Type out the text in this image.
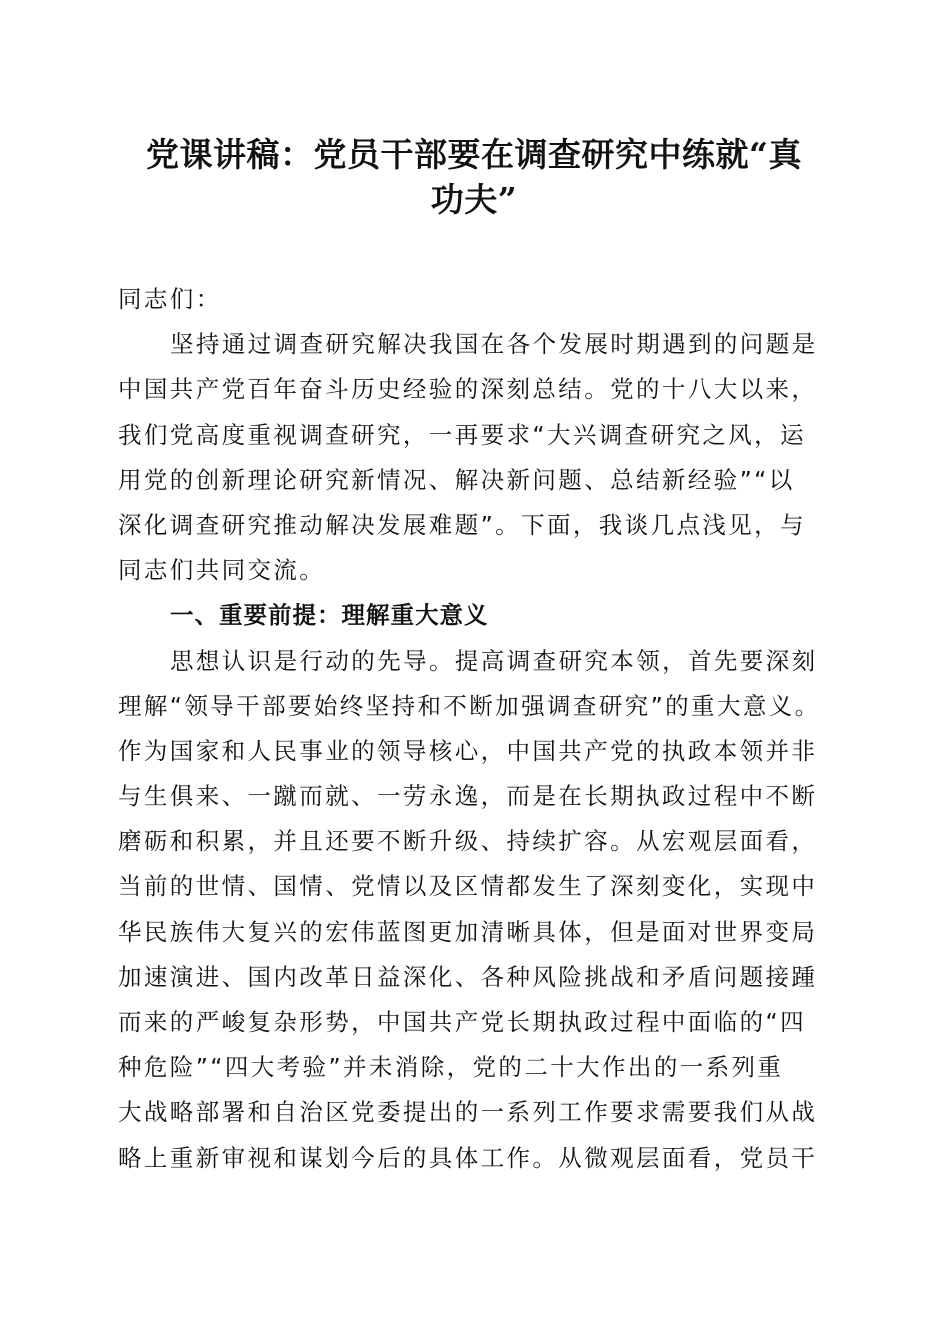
党课讲稿：党员干部要在调查研究中练就“真
功夫”
同志们：
坚持通过调查研究解决我国在各个发展时期遇到的问题是
中国共产党百年奋斗历史经验的深刻总结。党的十八大以来，
我们党高度重视调查研究，一再要求“大兴调查研究之风，运
用党的创新理论研究新情况、解决新问题、总结新经验”“以
深化调查研究推动解决发展难题”。下面，我谈几点浅见，与
同志们共同交流。
一、重要前提：理解重大意义
思想认识是行动的先导。提高调查研究本领，首先要深刻
理解“领导干部要始终坚持和不断加强调查研究”的重大意义。
作为国家和人民事业的领导核心，中国共产党的执政本领并非
与生俱来、一蹴而就、一劳永逸，而是在长期执政过程中不断
磨砺和积累，并且还要不断升级、持续扩容。从宏观层面看，
当前的世情、国情、党情以及区情都发生了深刻变化，实现中
华民族伟大复兴的宏伟蓝图更加清晰具体，但是面对世界变局
加速演进、国内改革日益深化、各种风险挑战和矛盾问题接踵
而来的严峻复杂形势，中国共产党长期执政过程中面临的“四
种危险”“四大考验”并未消除，党的二十大作出的一系列重
大战略部署和自治区党委提出的一系列工作要求需要我们从战
略上重新审视和谋划今后的具体工作。从微观层面看，党员干
